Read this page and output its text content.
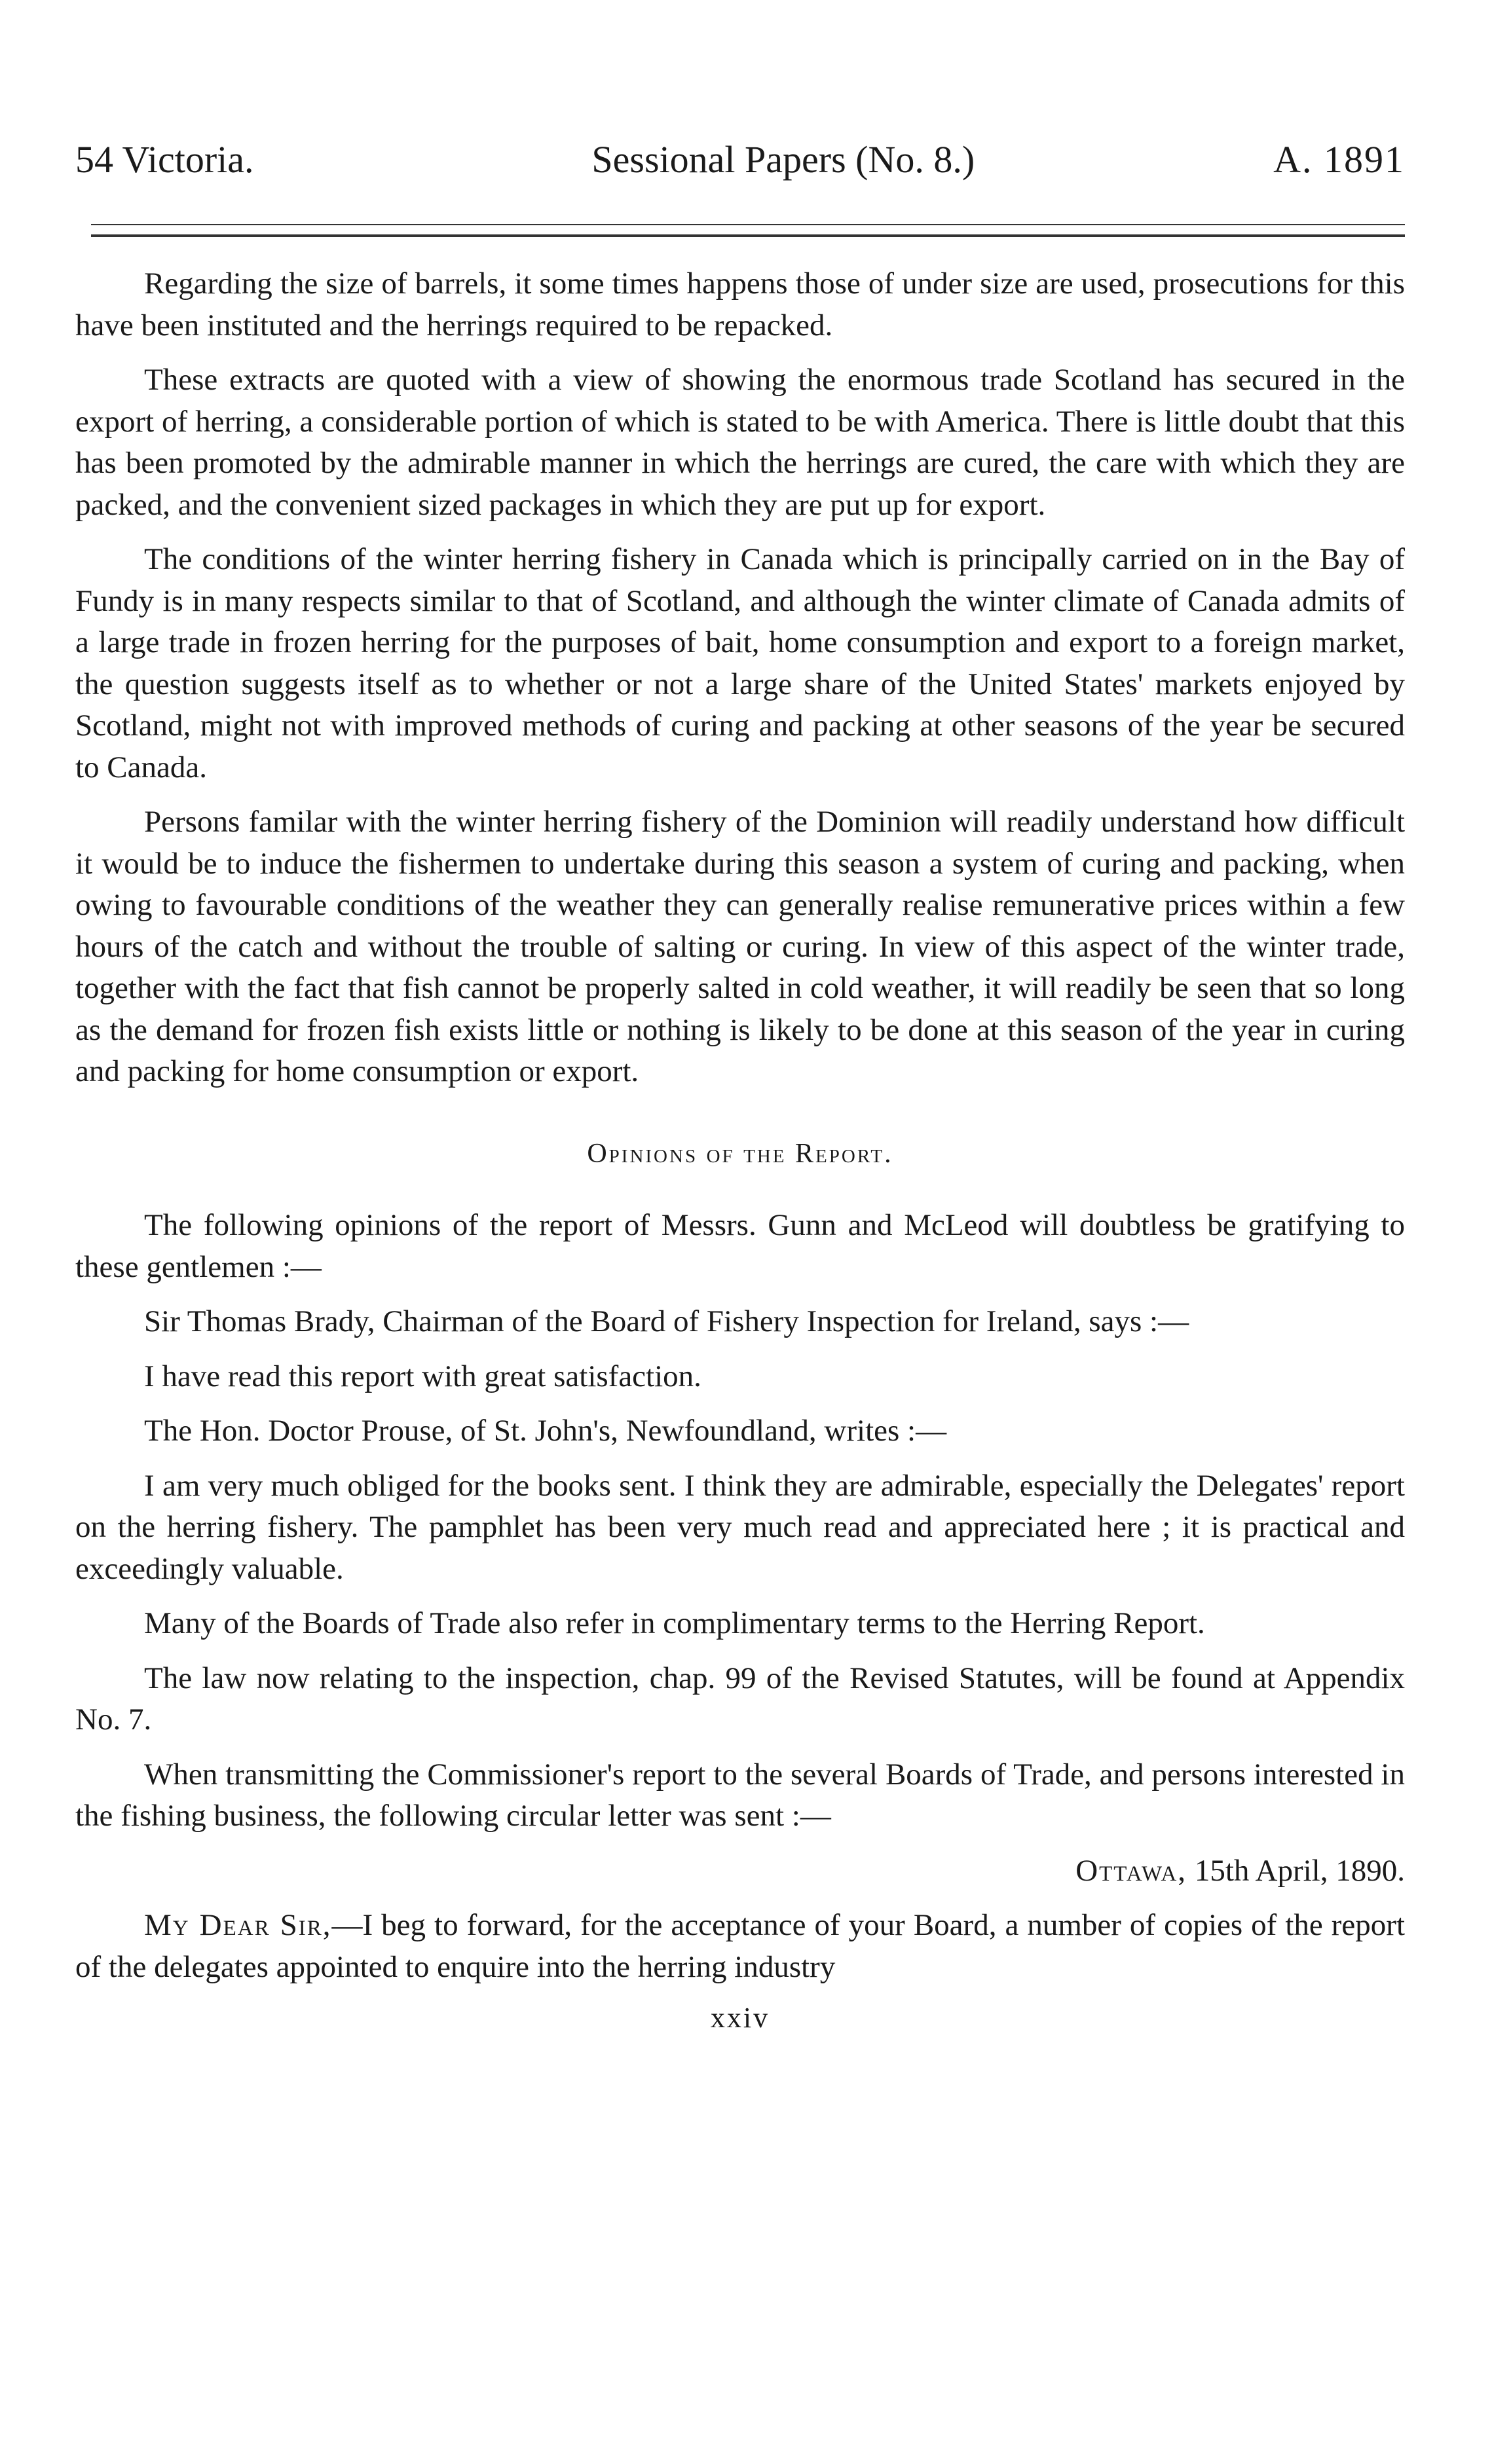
54 Victoria.	Sessional Papers (No. 8.)	A. 1891

Regarding the size of barrels, it some times happens those of under size are used, prosecutions for this have been instituted and the herrings required to be repacked.

These extracts are quoted with a view of showing the enormous trade Scotland has secured in the export of herring, a considerable portion of which is stated to be with America. There is little doubt that this has been promoted by the admirable manner in which the herrings are cured, the care with which they are packed, and the convenient sized packages in which they are put up for export.

The conditions of the winter herring fishery in Canada which is principally carried on in the Bay of Fundy is in many respects similar to that of Scotland, and although the winter climate of Canada admits of a large trade in frozen herring for the purposes of bait, home consumption and export to a foreign market, the question suggests itself as to whether or not a large share of the United States' markets enjoyed by Scotland, might not with improved methods of curing and packing at other seasons of the year be secured to Canada.

Persons familar with the winter herring fishery of the Dominion will readily understand how difficult it would be to induce the fishermen to undertake during this season a system of curing and packing, when owing to favourable conditions of the weather they can generally realise remunerative prices within a few hours of the catch and without the trouble of salting or curing. In view of this aspect of the winter trade, together with the fact that fish cannot be properly salted in cold weather, it will readily be seen that so long as the demand for frozen fish exists little or nothing is likely to be done at this season of the year in curing and packing for home consumption or export.

Opinions of the Report.

The following opinions of the report of Messrs. Gunn and McLeod will doubtless be gratifying to these gentlemen :—

Sir Thomas Brady, Chairman of the Board of Fishery Inspection for Ireland, says :—

I have read this report with great satisfaction.

The Hon. Doctor Prouse, of St. John's, Newfoundland, writes :—

I am very much obliged for the books sent. I think they are admirable, especially the Delegates' report on the herring fishery. The pamphlet has been very much read and appreciated here ; it is practical and exceedingly valuable.

Many of the Boards of Trade also refer in complimentary terms to the Herring Report.

The law now relating to the inspection, chap. 99 of the Revised Statutes, will be found at Appendix No. 7.

When transmitting the Commissioner's report to the several Boards of Trade, and persons interested in the fishing business, the following circular letter was sent :—

Ottawa, 15th April, 1890.

My Dear Sir,—I beg to forward, for the acceptance of your Board, a number of copies of the report of the delegates appointed to enquire into the herring industry

xxiv
